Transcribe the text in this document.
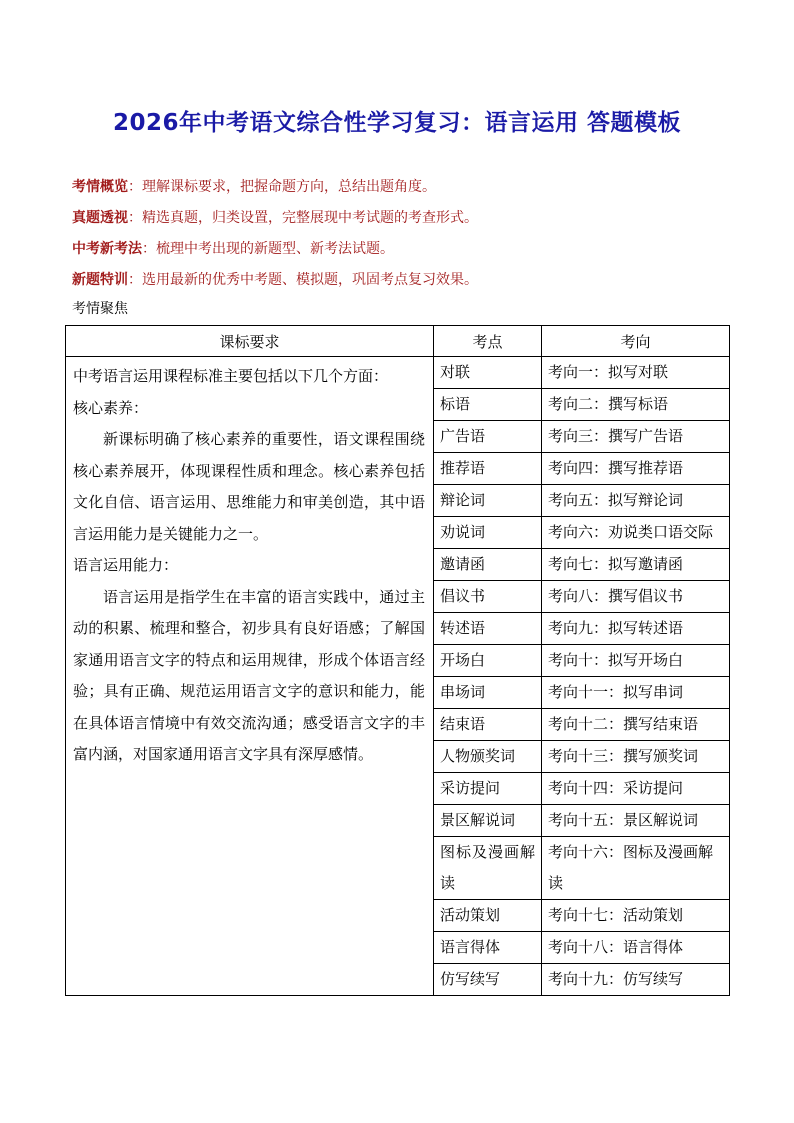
2026年中考语文综合性学习复习：语言运用 答题模板
考情概览：理解课标要求，把握命题方向，总结出题角度。
真题透视：精选真题，归类设置，完整展现中考试题的考查形式。
中考新考法：梳理中考出现的新题型、新考法试题。
新题特训：选用最新的优秀中考题、模拟题，巩固考点复习效果。
考情聚焦
课标要求	考点	考向

中考语言运用课程标准主要包括以下几个方面：

核心素养：

新课标明确了核心素养的重要性，语文课程围绕核心素养展开，体现课程性质和理念。核心素养包括文化自信、语言运用、思维能力和审美创造，其中语言运用能力是关键能力之一。

语言运用能力：

语言运用是指学生在丰富的语言实践中，通过主动的积累、梳理和整合，初步具有良好语感；了解国家通用语言文字的特点和运用规律，形成个体语言经验；具有正确、规范运用语言文字的意识和能力，能在具体语言情境中有效交流沟通；感受语言文字的丰富内涵，对国家通用语言文字具有深厚感情。	对联	考向一：拟写对联
	标语	考向二：撰写标语
	广告语	考向三：撰写广告语
	推荐语	考向四：撰写推荐语
	辩论词	考向五：拟写辩论词
	劝说词	考向六：劝说类口语交际
	邀请函	考向七：拟写邀请函
	倡议书	考向八：撰写倡议书
	转述语	考向九：拟写转述语
	开场白	考向十：拟写开场白
	串场词	考向十一：拟写串词
	结束语	考向十二：撰写结束语
	人物颁奖词	考向十三：撰写颁奖词
	采访提问	考向十四：采访提问
	景区解说词	考向十五：景区解说词
	图标及漫画解读	考向十六：图标及漫画解读
	活动策划	考向十七：活动策划
	语言得体	考向十八：语言得体
	仿写续写	考向十九：仿写续写
